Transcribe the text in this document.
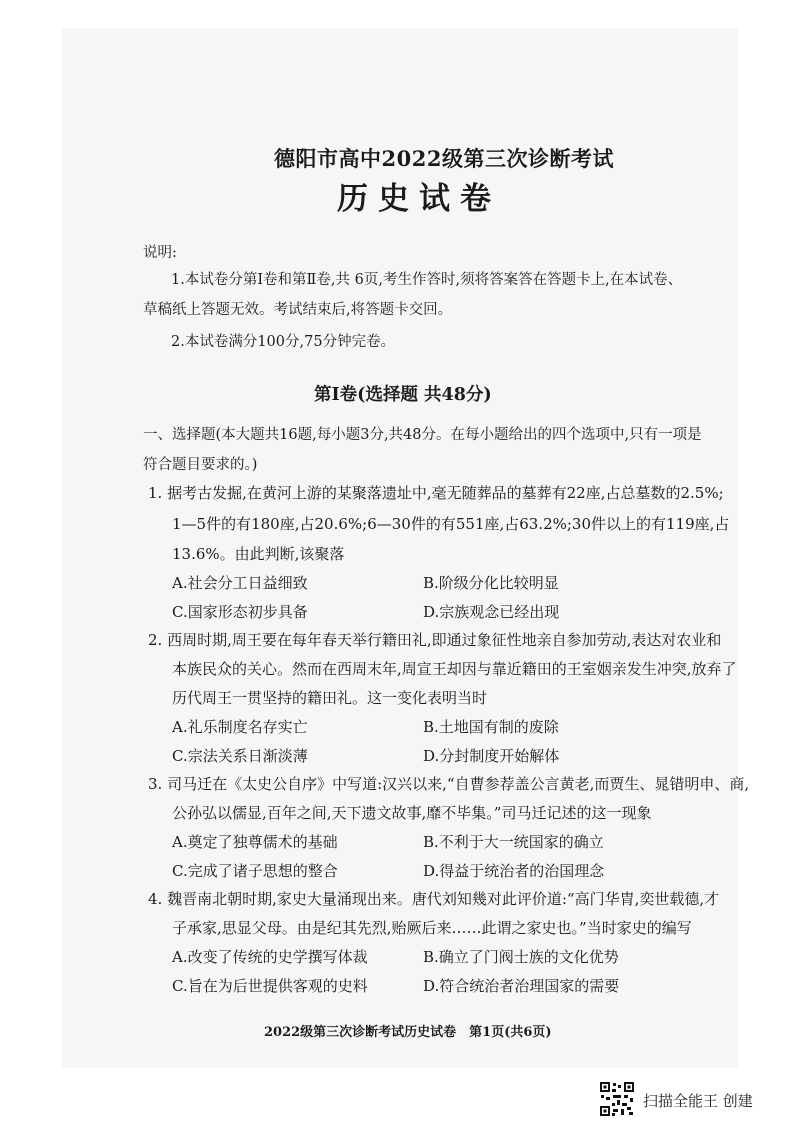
德阳市高中2022级第三次诊断考试
历史试卷
说明:
1.本试卷分第Ⅰ卷和第Ⅱ卷,共 6页,考生作答时,须将答案答在答题卡上,在本试卷、
草稿纸上答题无效。考试结束后,将答题卡交回。
2.本试卷满分100分,75分钟完卷。
第Ⅰ卷(选择题 共48分)
一、选择题(本大题共16题,每小题3分,共48分。在每小题给出的四个选项中,只有一项是
符合题目要求的。)
1. 据考古发掘,在黄河上游的某聚落遗址中,毫无随葬品的墓葬有22座,占总墓数的2.5%;
1—5件的有180座,占20.6%;6—30件的有551座,占63.2%;30件以上的有119座,占
13.6%。由此判断,该聚落
A.社会分工日益细致	B.阶级分化比较明显
C.国家形态初步具备	D.宗族观念已经出现
2. 西周时期,周王要在每年春天举行籍田礼,即通过象征性地亲自参加劳动,表达对农业和
本族民众的关心。然而在西周末年,周宣王却因与靠近籍田的王室姻亲发生冲突,放弃了
历代周王一贯坚持的籍田礼。这一变化表明当时
A.礼乐制度名存实亡	B.土地国有制的废除
C.宗法关系日渐淡薄	D.分封制度开始解体
3. 司马迁在《太史公自序》中写道:汉兴以来,“自曹参荐盖公言黄老,而贾生、晁错明申、商,
公孙弘以儒显,百年之间,天下遗文故事,靡不毕集。”司马迁记述的这一现象
A.奠定了独尊儒术的基础	B.不利于大一统国家的确立
C.完成了诸子思想的整合	D.得益于统治者的治国理念
4. 魏晋南北朝时期,家史大量涌现出来。唐代刘知幾对此评价道:“高门华胄,奕世载德,才
子承家,思显父母。由是纪其先烈,贻厥后来……此谓之家史也。”当时家史的编写
A.改变了传统的史学撰写体裁	B.确立了门阀士族的文化优势
C.旨在为后世提供客观的史料	D.符合统治者治理国家的需要
2022级第三次诊断考试历史试卷　第1页(共6页)
扫描全能王 创建
